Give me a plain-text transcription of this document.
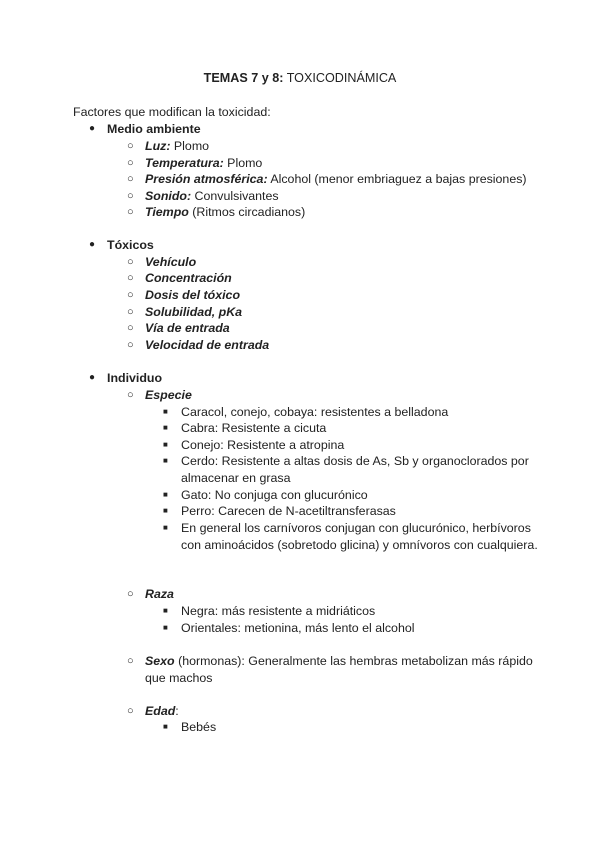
TEMAS 7 y 8: TOXICODINÁMICA
Factores que modifican la toxicidad:
● Medio ambiente
○ Luz: Plomo
○ Temperatura: Plomo
○ Presión atmosférica: Alcohol (menor embriaguez a bajas presiones)
○ Sonido: Convulsivantes
○ Tiempo (Ritmos circadianos)
● Tóxicos
○ Vehículo
○ Concentración
○ Dosis del tóxico
○ Solubilidad, pKa
○ Vía de entrada
○ Velocidad de entrada
● Individuo
○ Especie
■ Caracol, conejo, cobaya: resistentes a belladona
■ Cabra: Resistente a cicuta
■ Conejo: Resistente a atropina
■ Cerdo: Resistente a altas dosis de As, Sb y organoclorados por almacenar en grasa
■ Gato: No conjuga con glucurónico
■ Perro: Carecen de N-acetiltransferasas
■ En general los carnívoros conjugan con glucurónico, herbívoros con aminoácidos (sobretodo glicina) y omnívoros con cualquiera.
○ Raza
■ Negra: más resistente a midriáticos
■ Orientales: metionina, más lento el alcohol
○ Sexo (hormonas): Generalmente las hembras metabolizan más rápido que machos
○ Edad:
■ Bebés
